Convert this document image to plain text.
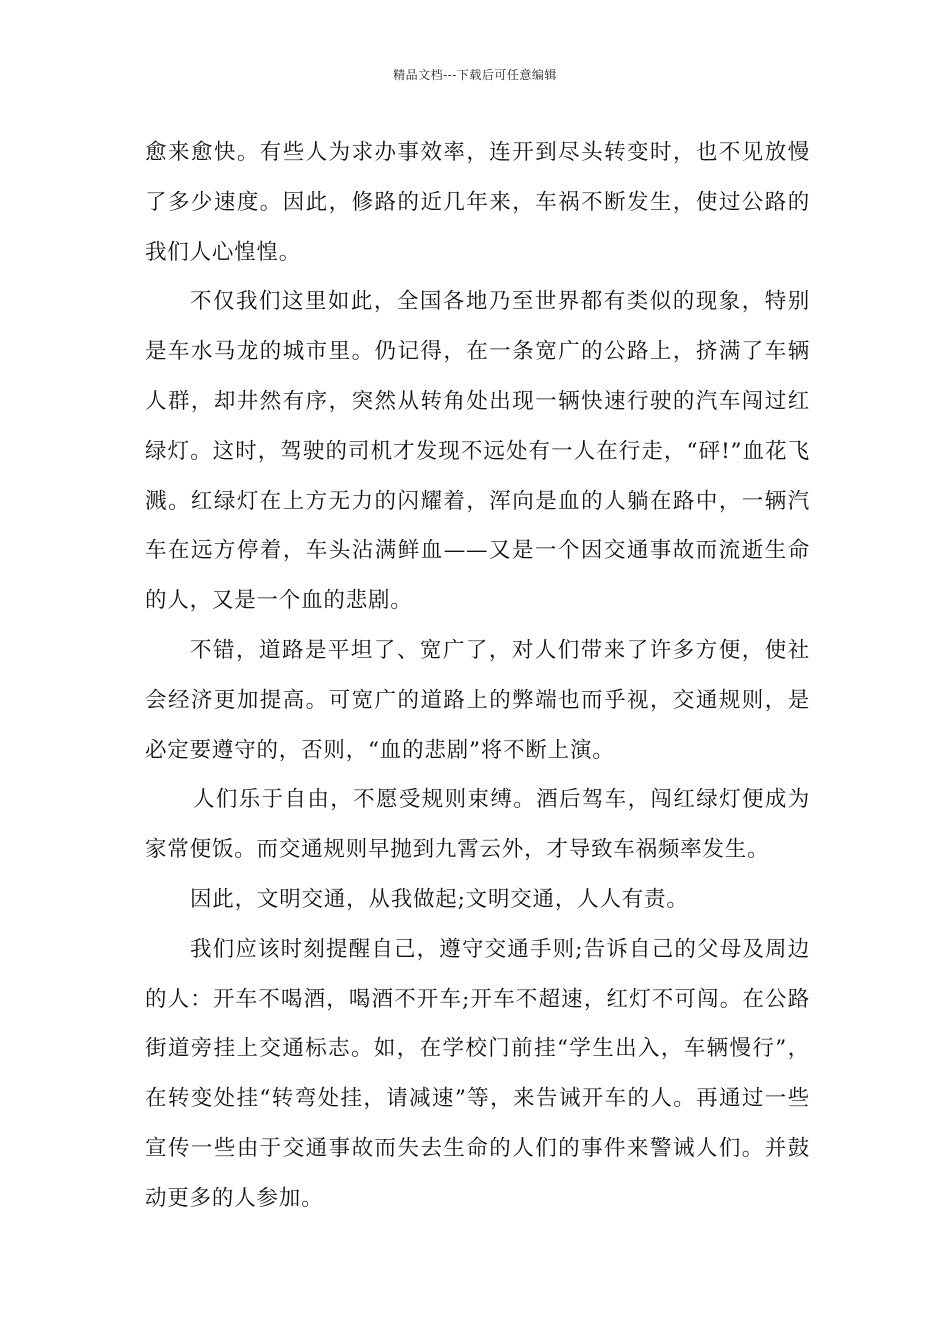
精品文档---下载后可任意编辑

愈来愈快。有些人为求办事效率，连开到尽头转变时，也不见放慢了多少速度。因此，修路的近几年来，车祸不断发生，使过公路的我们人心惶惶。

不仅我们这里如此，全国各地乃至世界都有类似的现象，特别是车水马龙的城市里。仍记得，在一条宽广的公路上，挤满了车辆人群，却井然有序，突然从转角处出现一辆快速行驶的汽车闯过红绿灯。这时，驾驶的司机才发现不远处有一人在行走，“砰!”血花飞溅。红绿灯在上方无力的闪耀着，浑向是血的人躺在路中，一辆汽车在远方停着，车头沾满鲜血——又是一个因交通事故而流逝生命的人，又是一个血的悲剧。

不错，道路是平坦了、宽广了，对人们带来了许多方便，使社会经济更加提高。可宽广的道路上的弊端也而乎视，交通规则，是必定要遵守的，否则，“血的悲剧”将不断上演。

人们乐于自由，不愿受规则束缚。酒后驾车，闯红绿灯便成为家常便饭。而交通规则早抛到九霄云外，才导致车祸频率发生。

因此，文明交通，从我做起;文明交通，人人有责。

我们应该时刻提醒自己，遵守交通手则;告诉自己的父母及周边的人：开车不喝酒，喝酒不开车;开车不超速，红灯不可闯。在公路街道旁挂上交通标志。如，在学校门前挂“学生出入，车辆慢行”，在转变处挂“转弯处挂，请减速”等，来告诫开车的人。再通过一些宣传一些由于交通事故而失去生命的人们的事件来警诫人们。并鼓动更多的人参加。
